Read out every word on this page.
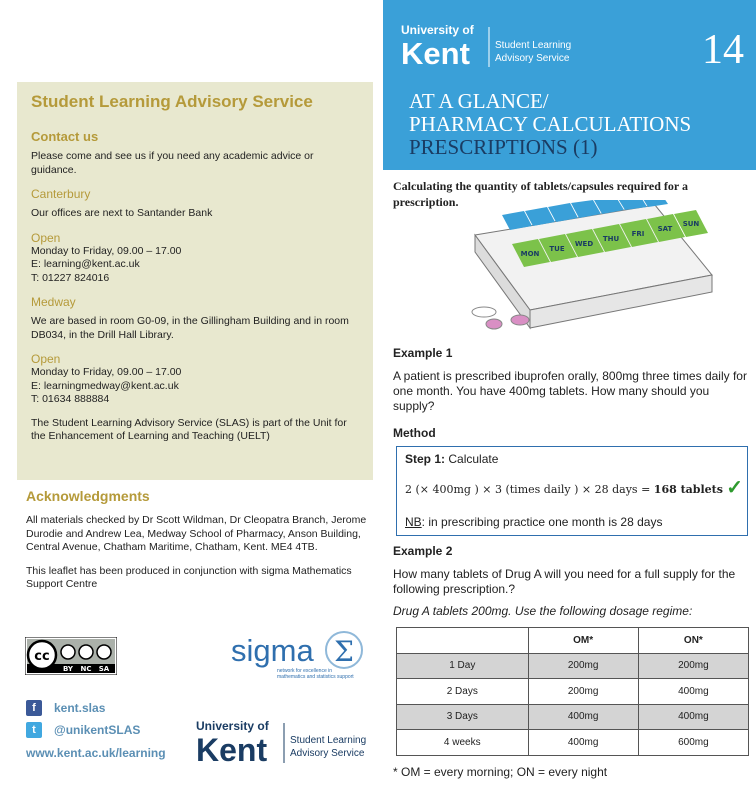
Student Learning Advisory Service
Contact us
Please come and see us if you need any academic advice or guidance.
Canterbury
Our offices are next to Santander Bank
Open
Monday to Friday, 09.00 – 17.00
E: learning@kent.ac.uk
T: 01227 824016
Medway
We are based in room G0-09, in the Gillingham Building and in room DB034, in the Drill Hall Library.
Open
Monday to Friday, 09.00 – 17.00
E: learningmedway@kent.ac.uk
T: 01634 888884
The Student Learning Advisory Service (SLAS) is part of the Unit for the Enhancement of Learning and Teaching (UELT)
Acknowledgments
All materials checked by Dr Scott Wildman, Dr Cleopatra Branch, Jerome Durodie and Andrew Lea, Medway School of Pharmacy, Anson Building, Central Avenue, Chatham Maritime, Chatham, Kent. ME4 4TB.
This leaflet has been produced in conjunction with sigma Mathematics Support Centre
cc
BY NC SA
sigma Σ
network for excellence in
mathematics and statistics support
f	kent.slas
t	@unikentSLAS
www.kent.ac.uk/learning
University of
Kent Student Learning
Advisory Service
University of
Kent	Student Learning
Advisory Service	14
AT A GLANCE/
PHARMACY CALCULATIONS
PRESCRIPTIONS (1)
Calculating the quantity of tablets/capsules required for a prescription.
MON
TUE
WED
THU
FRI
SAT
SUN
Example 1
A patient is prescribed ibuprofen orally, 800mg three times daily for one month. You have 400mg tablets. How many should you supply?
Method
Step 1: Calculate
2 (× 400mg ) × 3 (times daily ) × 28 days = 168 tablets ✓
NB: in prescribing practice one month is 28 days
Example 2
How many tablets of Drug A will you need for a full supply for the following prescription.?
Drug A tablets 200mg. Use the following dosage regime:
	OM*	ON*
1 Day	200mg	200mg
2 Days	200mg	400mg
3 Days	400mg	400mg
4 weeks	400mg	600mg
* OM = every morning; ON = every night
